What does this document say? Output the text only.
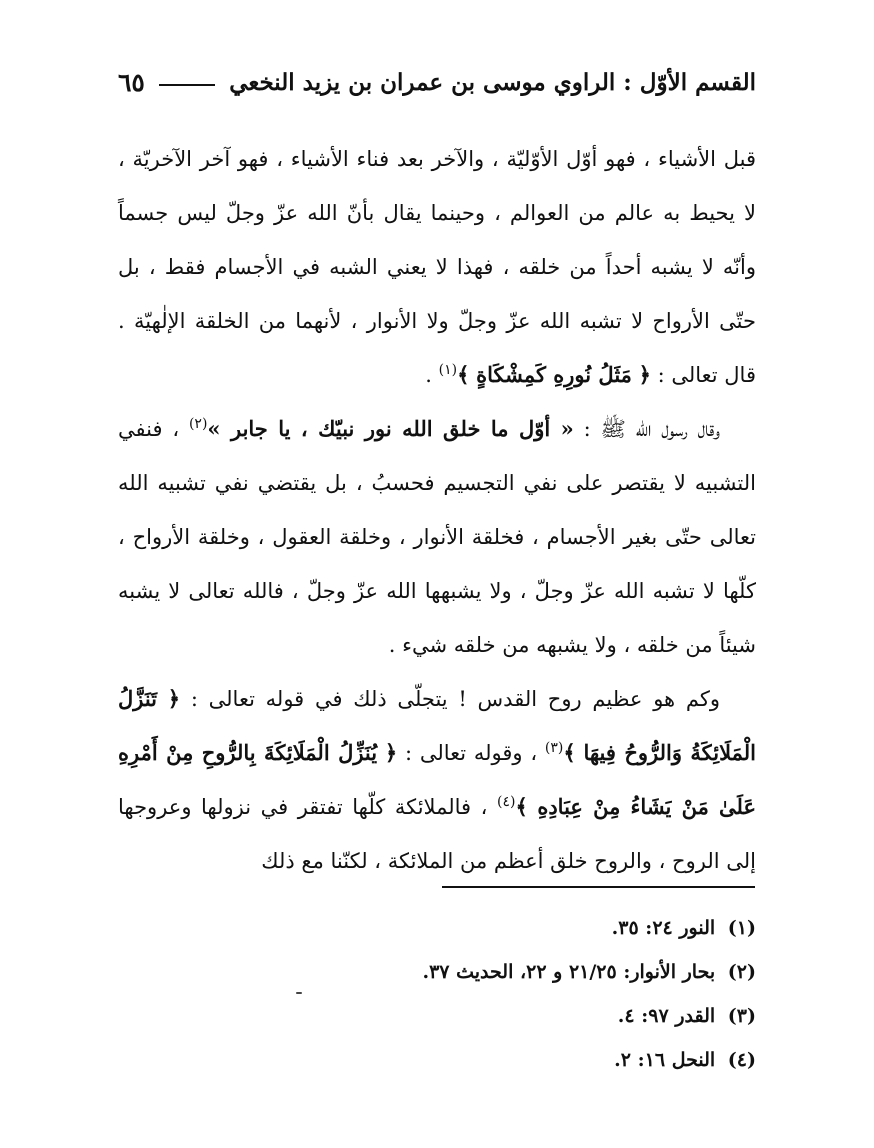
القسم الأوّل : الراوي موسى بن عمران بن يزيد النخعي
٦٥

قبل الأشياء ، فهو أوّل الأوّليّة ، والآخر بعد فناء الأشياء ، فهو آخر الآخريّة ، لا يحيط به عالم من العوالم ، وحينما يقال بأنّ الله عزّ وجلّ ليس جسماً وأنّه لا يشبه أحداً من خلقه ، فهذا لا يعني الشبه في الأجسام فقط ، بل حتّى الأرواح لا تشبه الله عزّ وجلّ ولا الأنوار ، لأنهما من الخلقة الإلٰهيّة . قال تعالى : ﴿ مَثَلُ نُورِهِ كَمِشْكَاةٍ ﴾$^{(١)}$ .

وقال رسول الله ﷺ : « أوّل ما خلق الله نور نبيّك ، يا جابر »$^{(٢)}$ ، فنفي التشبيه لا يقتصر على نفي التجسيم فحسبُ ، بل يقتضي نفي تشبيه الله تعالى حتّى بغير الأجسام ، فخلقة الأنوار ، وخلقة العقول ، وخلقة الأرواح ، كلّها لا تشبه الله عزّ وجلّ ، ولا يشبهها الله عزّ وجلّ ، فالله تعالى لا يشبه شيئاً من خلقه ، ولا يشبهه من خلقه شيء .

وكم هو عظيم روح القدس ! يتجلّى ذلك في قوله تعالى : ﴿ تَنَزَّلُ الْمَلَائِكَةُ وَالرُّوحُ فِيهَا ﴾$^{(٣)}$ ، وقوله تعالى : ﴿ يُنَزِّلُ الْمَلَائِكَةَ بِالرُّوحِ مِنْ أَمْرِهِ عَلَىٰ مَنْ يَشَاءُ مِنْ عِبَادِهِ ﴾$^{(٤)}$ ، فالملائكة كلّها تفتقر في نزولها وعروجها إلى الروح ، والروح خلق أعظم من الملائكة ، لكنّنا مع ذلك

(١) النور ٢٤: ٣٥.
(٢) بحار الأنوار: ٢١/٢٥ و ٢٢، الحديث ٣٧.
(٣) القدر ٩٧: ٤.
(٤) النحل ١٦: ٢.
